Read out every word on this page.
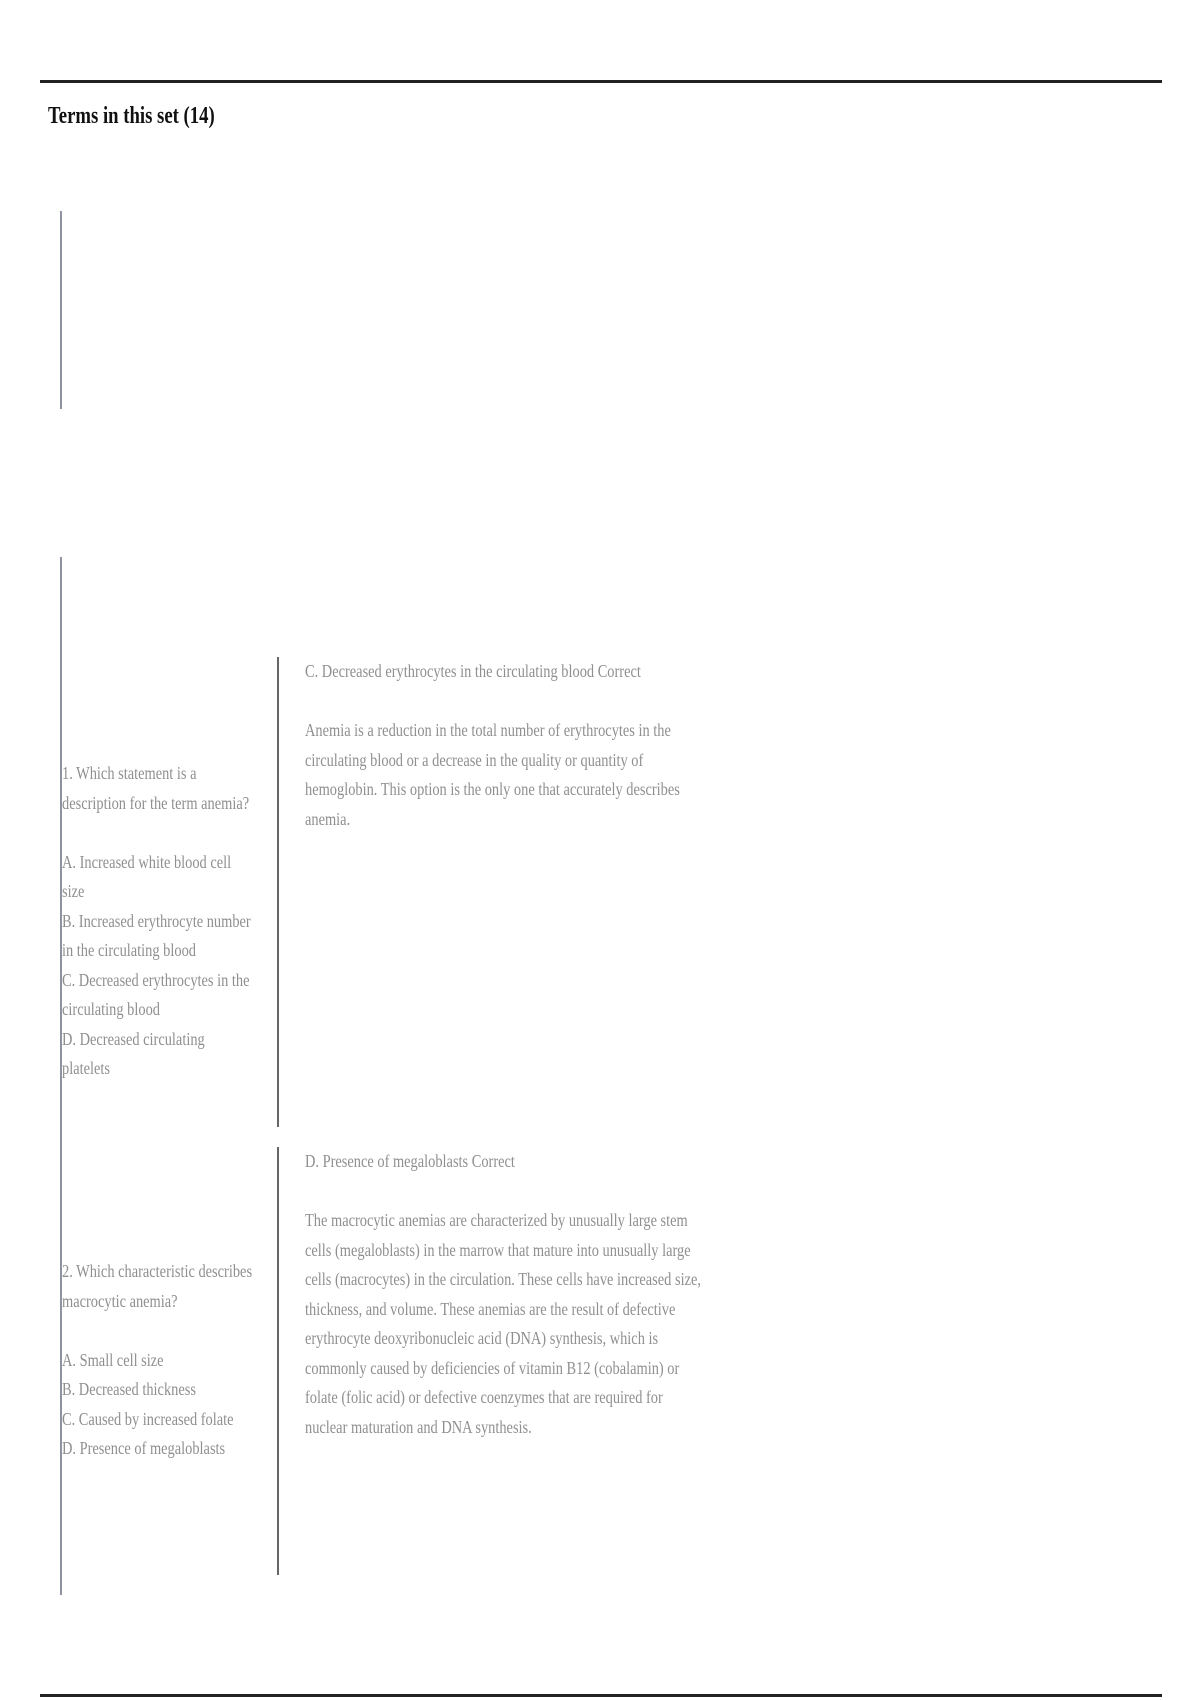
Terms in this set (14)
1. Which statement is a description for the term anemia?
A. Increased white blood cell size
B. Increased erythrocyte number in the circulating blood
C. Decreased erythrocytes in the circulating blood
D. Decreased circulating platelets
C. Decreased erythrocytes in the circulating blood Correct
Anemia is a reduction in the total number of erythrocytes in the circulating blood or a decrease in the quality or quantity of hemoglobin. This option is the only one that accurately describes anemia.
2. Which characteristic describes macrocytic anemia?
A. Small cell size
B. Decreased thickness
C. Caused by increased folate
D. Presence of megaloblasts
D. Presence of megaloblasts Correct
The macrocytic anemias are characterized by unusually large stem cells (megaloblasts) in the marrow that mature into unusually large cells (macrocytes) in the circulation. These cells have increased size, thickness, and volume. These anemias are the result of defective erythrocyte deoxyribonucleic acid (DNA) synthesis, which is commonly caused by deficiencies of vitamin B12 (cobalamin) or folate (folic acid) or defective coenzymes that are required for nuclear maturation and DNA synthesis.
